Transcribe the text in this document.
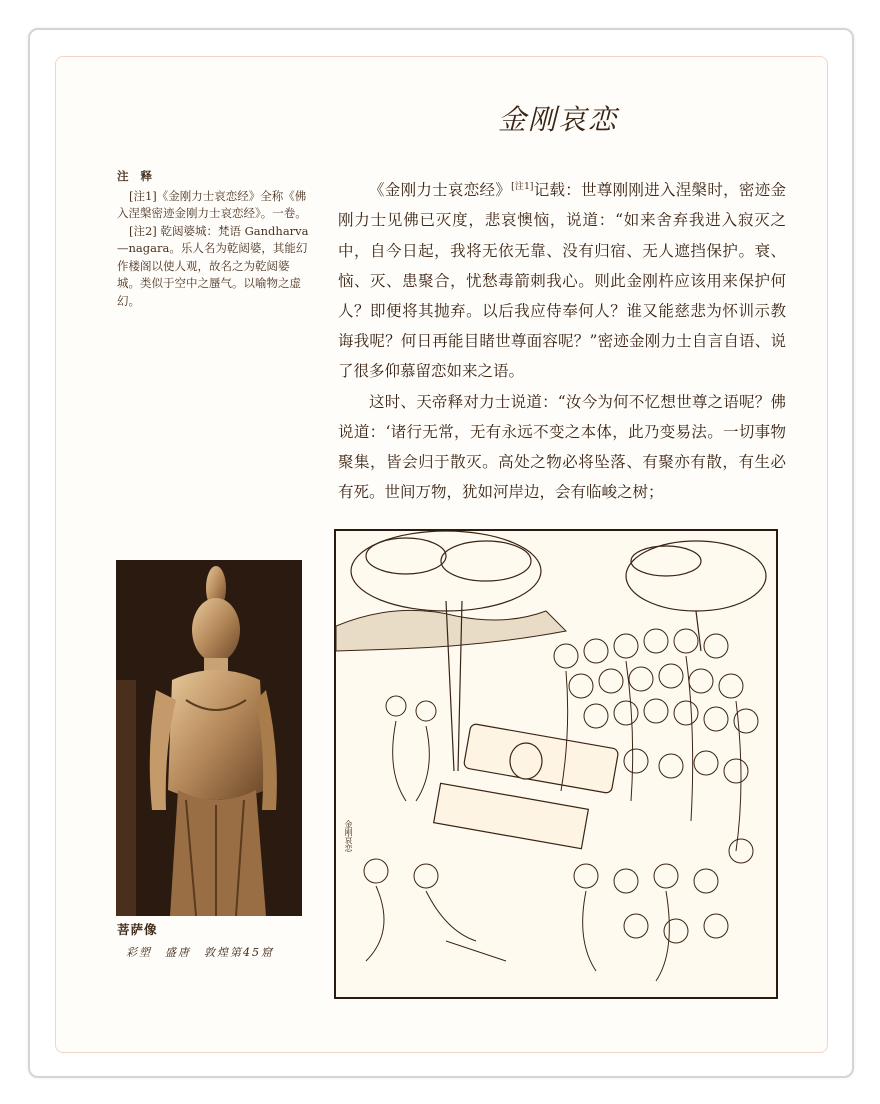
金刚哀恋
注 释

[注1]《金刚力士哀恋经》全称《佛入涅槃密迹金刚力士哀恋经》。一卷。

[注2] 乾闼婆城：梵语 Gandharva—nagara。乐人名为乾闼婆，其能幻作楼阁以使人观，故名之为乾闼婆城。类似于空中之蜃气。以喻物之虚幻。

《金刚力士哀恋经》[注1]记载：世尊刚刚进入涅槃时，密迹金刚力士见佛已灭度，悲哀懊恼，说道：“如来舍弃我进入寂灭之中，自今日起，我将无依无靠、没有归宿、无人遮挡保护。衰、恼、灭、患聚合，忧愁毒箭刺我心。则此金刚杵应该用来保护何人？即便将其抛弃。以后我应侍奉何人？谁又能慈悲为怀训示教诲我呢？何日再能目睹世尊面容呢？”密迹金刚力士自言自语、说了很多仰慕留恋如来之语。

这时、天帝释对力士说道：“汝今为何不忆想世尊之语呢？佛说道：‘诸行无常，无有永远不变之本体，此乃变易法。一切事物聚集，皆会归于散灭。高处之物必将坠落、有聚亦有散，有生必有死。世间万物，犹如河岸边，会有临峻之树；

菩萨像
彩塑　盛唐　敦煌第45窟
金刚哀恋
